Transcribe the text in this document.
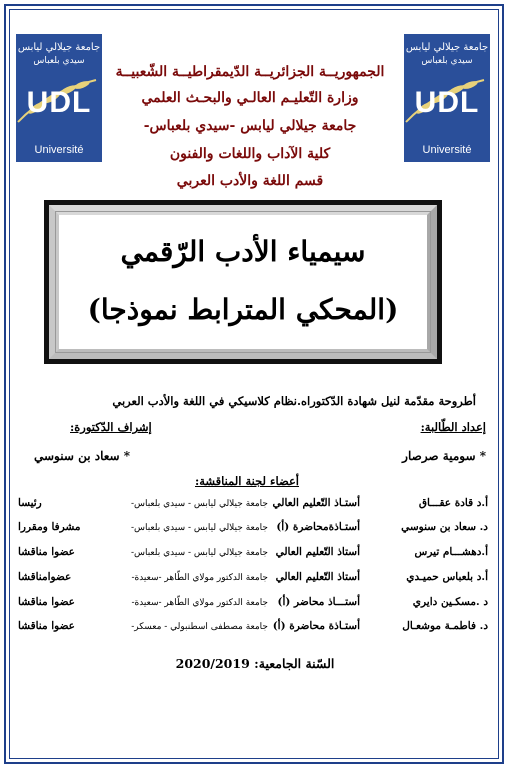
جامعة جيلالي ليابس
سيدي بلعباس
UDL
Université
جامعة جيلالي ليابس
سيدي بلعباس
UDL
Université
الجمهوريــة الجزائريــة الدّيمقراطيــة الشّعبيــة
وزارة التّعليـم العالـي والبحـث العلمي
جامعة جيلالي ليابس -سيدي بلعباس-
كلية الآداب واللغات والفنون
قسم اللغة والأدب العربي
سيمياء الأدب الرّقمي
(المحكي المترابط نموذجا)
أطروحة مقدّمة لنيل شهادة الدّكتوراه.نظام كلاسيكي في اللغة والأدب العربي
إعداد الطّالبة:
إشراف الدّكتورة:
* سومية صرصار
* سعاد بن سنوسي
أعضاء لجنة المناقشة:
أ.د قادة عقـــاق
أستـاذ التّعليم العالي
جامعة جيلالي ليابس - سيدي بلعباس-
رئيسا
د. سعاد بن سنوسي
أستـاذةمحاضرة (أ)
جامعة جيلالي ليابس - سيدي بلعباس-
مشرفا ومقررا
أ.دهشـــام تيرس
أستاذ التّعليم العالي
جامعة جيلالي ليابس - سيدي بلعباس-
عضوا مناقشا
أ.د بلعباس حميـدي
أستاذ التّعليم العالي
جامعة الدكتور مولاي الطّاهر -سعيدة-
عضوامناقشا
د .مسكـين دايري
أستـــاذ محاضر (أ)
جامعة الدكتور مولاي الطّاهر -سعيدة-
عضوا مناقشا
د. فاطمـة موشعـال
أستـاذة محاضرة (أ)
جامعة مصطفى اسطنبولي - معسكر-
عضوا مناقشا
السّنة الجامعية: 2020/2019
